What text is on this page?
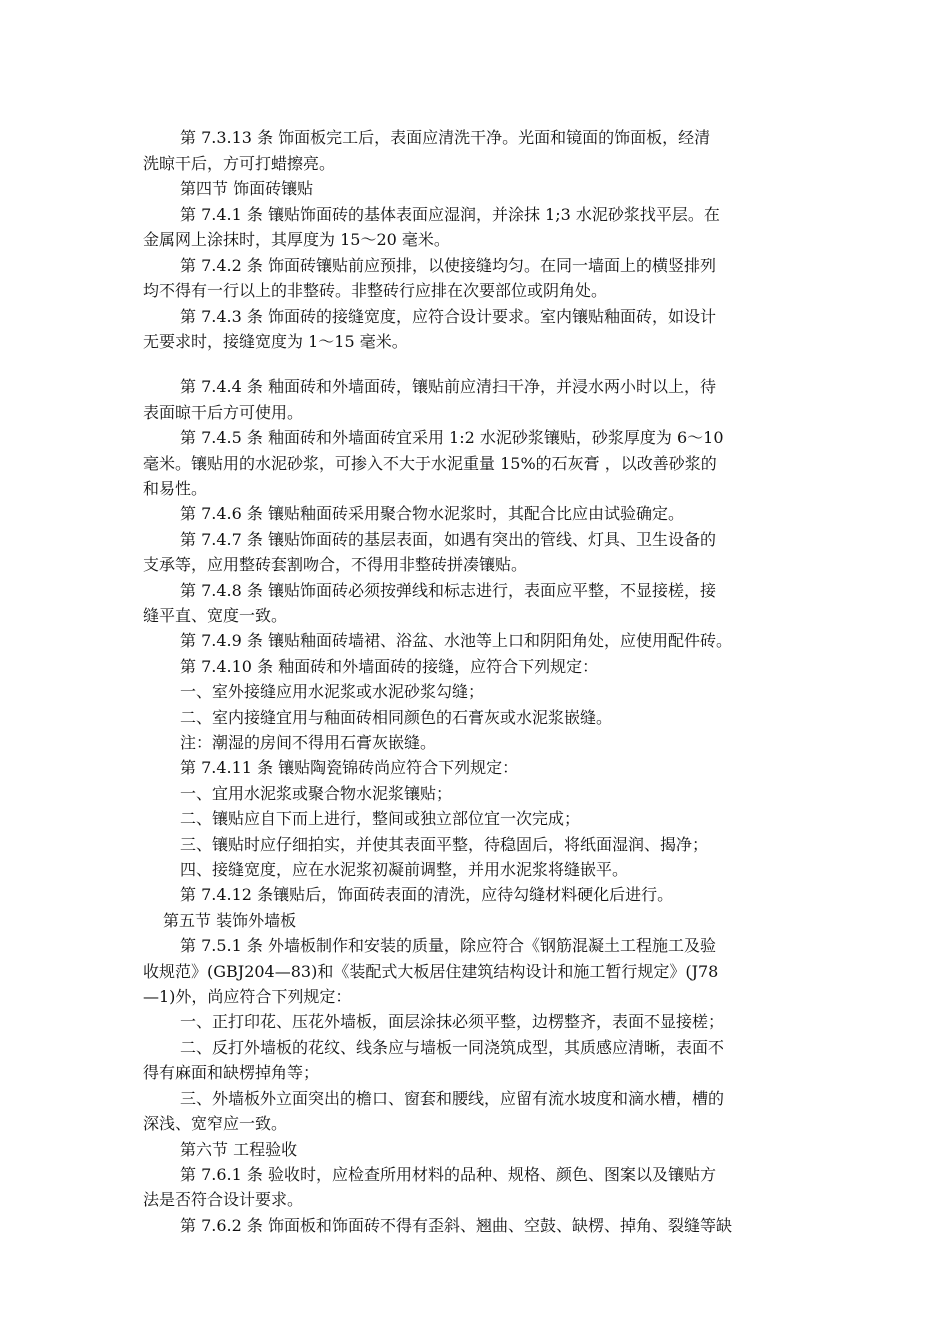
第 7.3.13 条 饰面板完工后，表面应清洗干净。光面和镜面的饰面板，经清
洗晾干后，方可打蜡擦亮。
第四节 饰面砖镶贴
第 7.4.1 条 镶贴饰面砖的基体表面应湿润，并涂抹 1;3 水泥砂浆找平层。在
金属网上涂抹时，其厚度为 15～20 毫米。
第 7.4.2 条 饰面砖镶贴前应预排，以使接缝均匀。在同一墙面上的横竖排列
均不得有一行以上的非整砖。非整砖行应排在次要部位或阴角处。
第 7.4.3 条 饰面砖的接缝宽度，应符合设计要求。室内镶贴釉面砖，如设计
无要求时，接缝宽度为 1～15 毫米。
第 7.4.4 条 釉面砖和外墙面砖，镶贴前应清扫干净，并浸水两小时以上，待
表面晾干后方可使用。
第 7.4.5 条 釉面砖和外墙面砖宜采用 1:2 水泥砂浆镶贴，砂浆厚度为 6～10
毫米。镶贴用的水泥砂浆，可掺入不大于水泥重量 15%的石灰膏 ，以改善砂浆的
和易性。
第 7.4.6 条 镶贴釉面砖采用聚合物水泥浆时，其配合比应由试验确定。
第 7.4.7 条 镶贴饰面砖的基层表面，如遇有突出的管线、灯具、卫生设备的
支承等，应用整砖套割吻合，不得用非整砖拼凑镶贴。
第 7.4.8 条 镶贴饰面砖必须按弹线和标志进行，表面应平整，不显接槎，接
缝平直、宽度一致。
第 7.4.9 条 镶贴釉面砖墙裙、浴盆、水池等上口和阴阳角处，应使用配件砖。
第 7.4.10 条 釉面砖和外墙面砖的接缝，应符合下列规定：
一、室外接缝应用水泥浆或水泥砂浆勾缝；
二、室内接缝宜用与釉面砖相同颜色的石膏灰或水泥浆嵌缝。
注：潮湿的房间不得用石膏灰嵌缝。
第 7.4.11 条 镶贴陶瓷锦砖尚应符合下列规定：
一、宜用水泥浆或聚合物水泥浆镶贴；
二、镶贴应自下而上进行，整间或独立部位宜一次完成；
三、镶贴时应仔细拍实，并使其表面平整，待稳固后，将纸面湿润、揭净；
四、接缝宽度，应在水泥浆初凝前调整，并用水泥浆将缝嵌平。
第 7.4.12 条镶贴后，饰面砖表面的清洗，应待勾缝材料硬化后进行。
第五节 装饰外墙板
第 7.5.1 条 外墙板制作和安装的质量，除应符合《钢筋混凝土工程施工及验
收规范》(GBJ204—83)和《装配式大板居住建筑结构设计和施工暂行规定》(J78
—1)外，尚应符合下列规定：
一、正打印花、压花外墙板，面层涂抹必须平整，边楞整齐，表面不显接槎；
二、反打外墙板的花纹、线条应与墙板一同浇筑成型，其质感应清晰，表面不
得有麻面和缺楞掉角等；
三、外墙板外立面突出的檐口、窗套和腰线，应留有流水坡度和滴水槽，槽的
深浅、宽窄应一致。
第六节 工程验收
第 7.6.1 条 验收时，应检查所用材料的品种、规格、颜色、图案以及镶贴方
法是否符合设计要求。
第 7.6.2 条 饰面板和饰面砖不得有歪斜、翘曲、空鼓、缺楞、掉角、裂缝等缺
